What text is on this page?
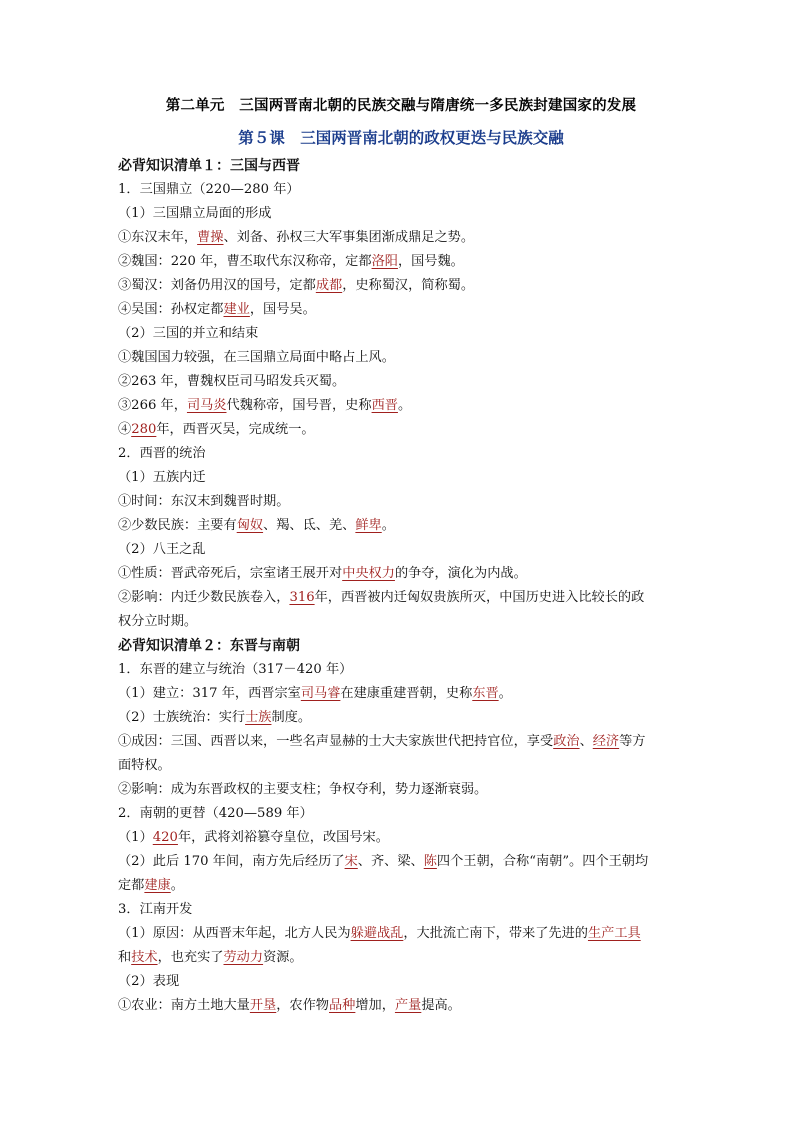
第二单元　三国两晋南北朝的民族交融与隋唐统一多民族封建国家的发展
第５课　三国两晋南北朝的政权更迭与民族交融
必背知识清单１：三国与西晋
1．三国鼎立（220—280 年）
（1）三国鼎立局面的形成
①东汉末年，曹操、刘备、孙权三大军事集团渐成鼎足之势。
②魏国：220 年，曹丕取代东汉称帝，定都洛阳，国号魏。
③蜀汉：刘备仍用汉的国号，定都成都，史称蜀汉，简称蜀。
④吴国：孙权定都建业，国号吴。
（2）三国的并立和结束
①魏国国力较强，在三国鼎立局面中略占上风。
②263 年，曹魏权臣司马昭发兵灭蜀。
③266 年，司马炎代魏称帝，国号晋，史称西晋。
④280年，西晋灭吴，完成统一。
2．西晋的统治
（1）五族内迁
①时间：东汉末到魏晋时期。
②少数民族：主要有匈奴、羯、氐、羌、鲜卑。
（2）八王之乱
①性质：晋武帝死后，宗室诸王展开对中央权力的争夺，演化为内战。
②影响：内迁少数民族卷入，316年，西晋被内迁匈奴贵族所灭，中国历史进入比较长的政
权分立时期。
必背知识清单２：东晋与南朝
1．东晋的建立与统治（317－420 年）
（1）建立：317 年，西晋宗室司马睿在建康重建晋朝，史称东晋。
（2）士族统治：实行士族制度。
①成因：三国、西晋以来，一些名声显赫的士大夫家族世代把持官位，享受政治、经济等方
面特权。
②影响：成为东晋政权的主要支柱；争权夺利，势力逐渐衰弱。
2．南朝的更替（420—589 年）
（1）420年，武将刘裕篡夺皇位，改国号宋。
（2）此后 170 年间，南方先后经历了宋、齐、梁、陈四个王朝，合称“南朝”。四个王朝均
定都建康。
3．江南开发
（1）原因：从西晋末年起，北方人民为躲避战乱，大批流亡南下，带来了先进的生产工具
和技术，也充实了劳动力资源。
（2）表现
①农业：南方土地大量开垦，农作物品种增加，产量提高。
